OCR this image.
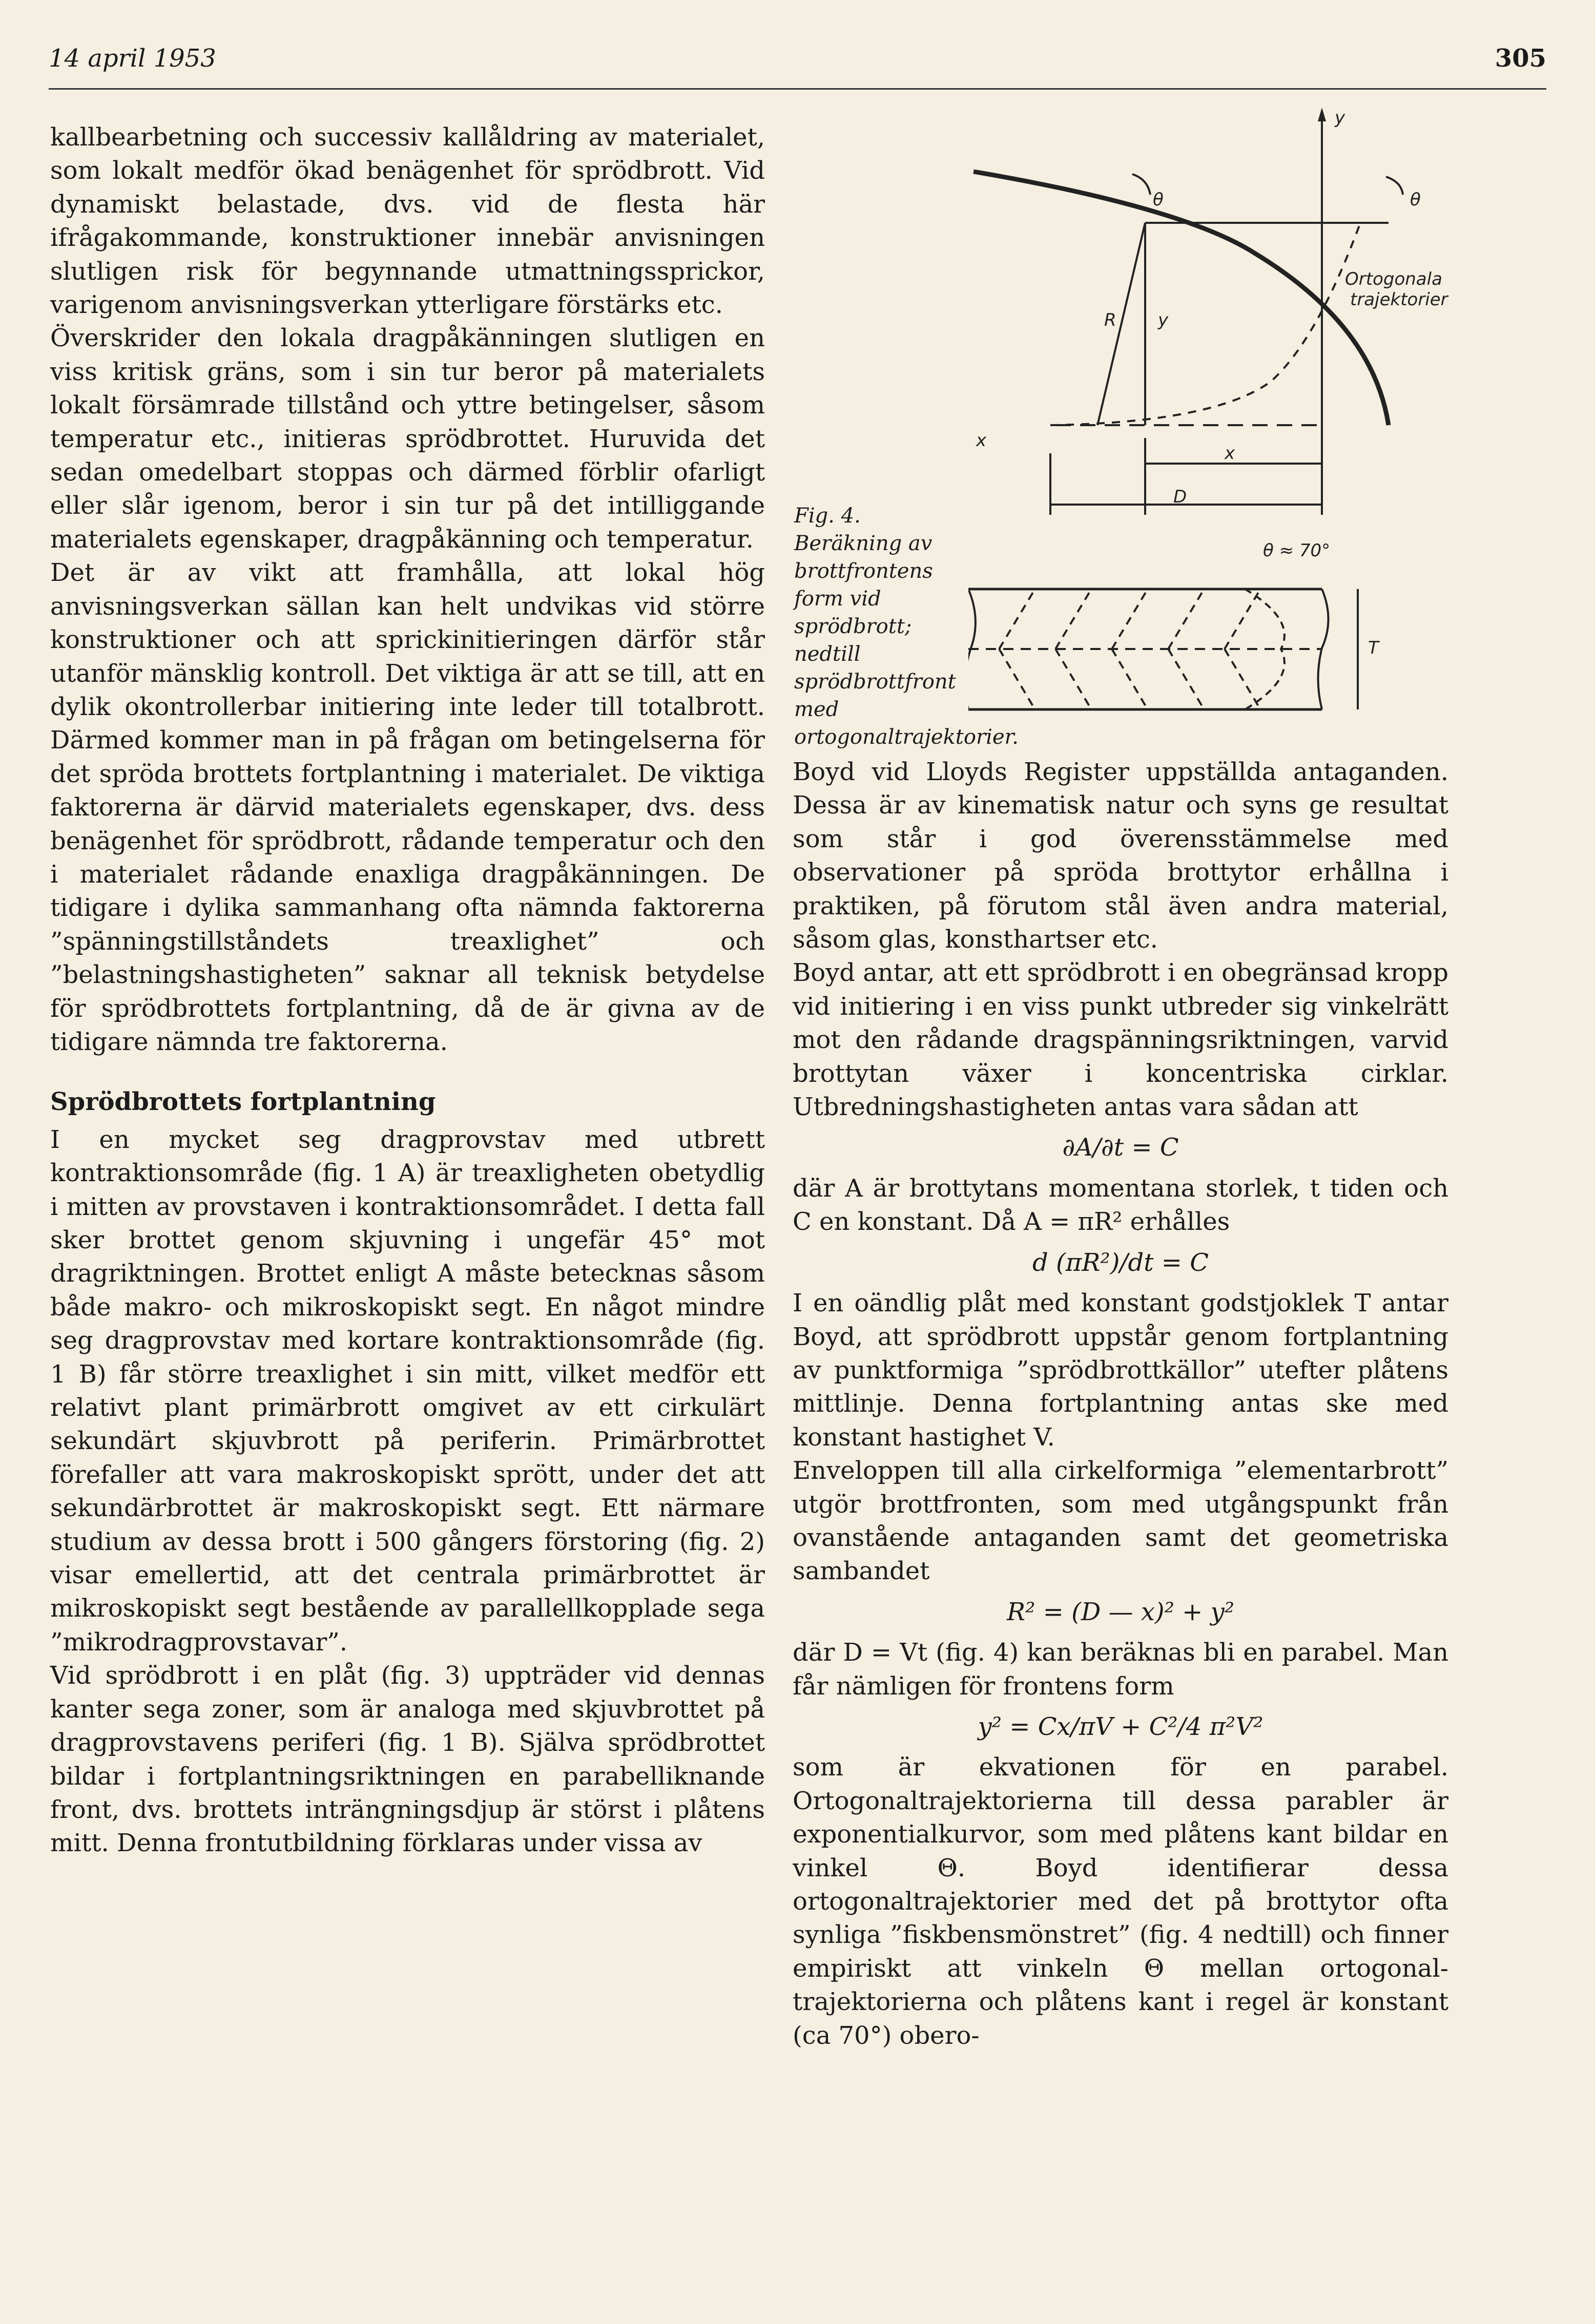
14 april 1953	305

kallbearbetning och successiv kallåldring av materialet, som lokalt medför ökad benägenhet för sprödbrott. Vid dynamiskt belastade, dvs. vid de flesta här ifrågakommande, konstruktioner innebär anvisningen slutligen risk för begynnande utmattningssprickor, varigenom anvisningsverkan ytterligare förstärks etc.

Överskrider den lokala dragpåkänningen slutligen en viss kritisk gräns, som i sin tur beror på materialets lokalt försämrade tillstånd och yttre betingelser, såsom temperatur etc., initieras sprödbrottet. Huruvida det sedan omedelbart stoppas och därmed förblir ofarligt eller slår igenom, beror i sin tur på det intilliggande materialets egenskaper, dragpåkänning och temperatur.

Det är av vikt att framhålla, att lokal hög anvisningsverkan sällan kan helt undvikas vid större konstruktioner och att sprickinitieringen därför står utanför mänsklig kontroll. Det viktiga är att se till, att en dylik okontrollerbar initiering inte leder till totalbrott. Därmed kommer man in på frågan om betingelserna för det spröda brottets fortplantning i materialet. De viktiga faktorerna är därvid materialets egenskaper, dvs. dess benägenhet för sprödbrott, rådande temperatur och den i materialet rådande enaxliga dragpåkänningen. De tidigare i dylika sammanhang ofta nämnda faktorerna ”spänningstillståndets treaxlighet” och ”belastningshastigheten” saknar all teknisk betydelse för sprödbrottets fortplantning, då de är givna av de tidigare nämnda tre faktorerna.

Sprödbrottets fortplantning

I en mycket seg dragprovstav med utbrett kontraktionsområde (fig. 1 A) är treaxligheten obetydlig i mitten av provstaven i kontraktionsområdet. I detta fall sker brottet genom skjuvning i ungefär 45° mot dragriktningen. Brottet enligt A måste betecknas såsom både makro- och mikroskopiskt segt. En något mindre seg dragprovstav med kortare kontraktionsområde (fig. 1 B) får större treaxlighet i sin mitt, vilket medför ett relativt plant primärbrott omgivet av ett cirkulärt sekundärt skjuvbrott på periferin. Primärbrottet förefaller att vara makroskopiskt sprött, under det att sekundärbrottet är makroskopiskt segt. Ett närmare studium av dessa brott i 500 gångers förstoring (fig. 2) visar emellertid, att det centrala primärbrottet är mikroskopiskt segt bestående av parallellkopplade sega ”mikrodragprovstavar”.

Vid sprödbrott i en plåt (fig. 3) uppträder vid dennas kanter sega zoner, som är analoga med skjuvbrottet på dragprovstavens periferi (fig. 1 B). Själva sprödbrottet bildar i fortplantningsriktningen en parabelliknande front, dvs. brottets inträngningsdjup är störst i plåtens mitt. Denna frontutbildning förklaras under vissa av

Fig. 4. Beräkning av brottfrontens form vid sprödbrott; nedtill sprödbrottfront med ortogonaltrajektorier.
y
x
θ	θ
R y
Ortogonala
trajektorier
x
D
θ ≈ 70°
T

Boyd vid Lloyds Register uppställda antaganden. Dessa är av kinematisk natur och syns ge resultat som står i god överensstämmelse med observationer på spröda brottytor erhållna i praktiken, på förutom stål även andra material, såsom glas, konsthartser etc.

Boyd antar, att ett sprödbrott i en obegränsad kropp vid initiering i en viss punkt utbreder sig vinkelrätt mot den rådande dragspänningsriktningen, varvid brottytan växer i koncentriska cirklar. Utbredningshastigheten antas vara sådan att

∂A/∂t = C

där A är brottytans momentana storlek, t tiden och C en konstant. Då A = πR² erhålles

d (πR²)/dt = C

I en oändlig plåt med konstant godstjoklek T antar Boyd, att sprödbrott uppstår genom fortplantning av punktformiga ”sprödbrottkällor” utefter plåtens mittlinje. Denna fortplantning antas ske med konstant hastighet V.

Enveloppen till alla cirkelformiga ”elementarbrott” utgör brottfronten, som med utgångspunkt från ovanstående antaganden samt det geometriska sambandet

R² = (D — x)² + y²

där D = Vt (fig. 4) kan beräknas bli en parabel. Man får nämligen för frontens form

y² = Cx/πV + C²/4 π²V²

som är ekvationen för en parabel. Ortogonaltrajektorierna till dessa parabler är exponentialkurvor, som med plåtens kant bildar en vinkel Θ. Boyd identifierar dessa ortogonaltrajektorier med det på brottytor ofta synliga ”fiskbensmönstret” (fig. 4 nedtill) och finner empiriskt att vinkeln Θ mellan ortogonal-trajektorierna och plåtens kant i regel är konstant (ca 70°) obero-
